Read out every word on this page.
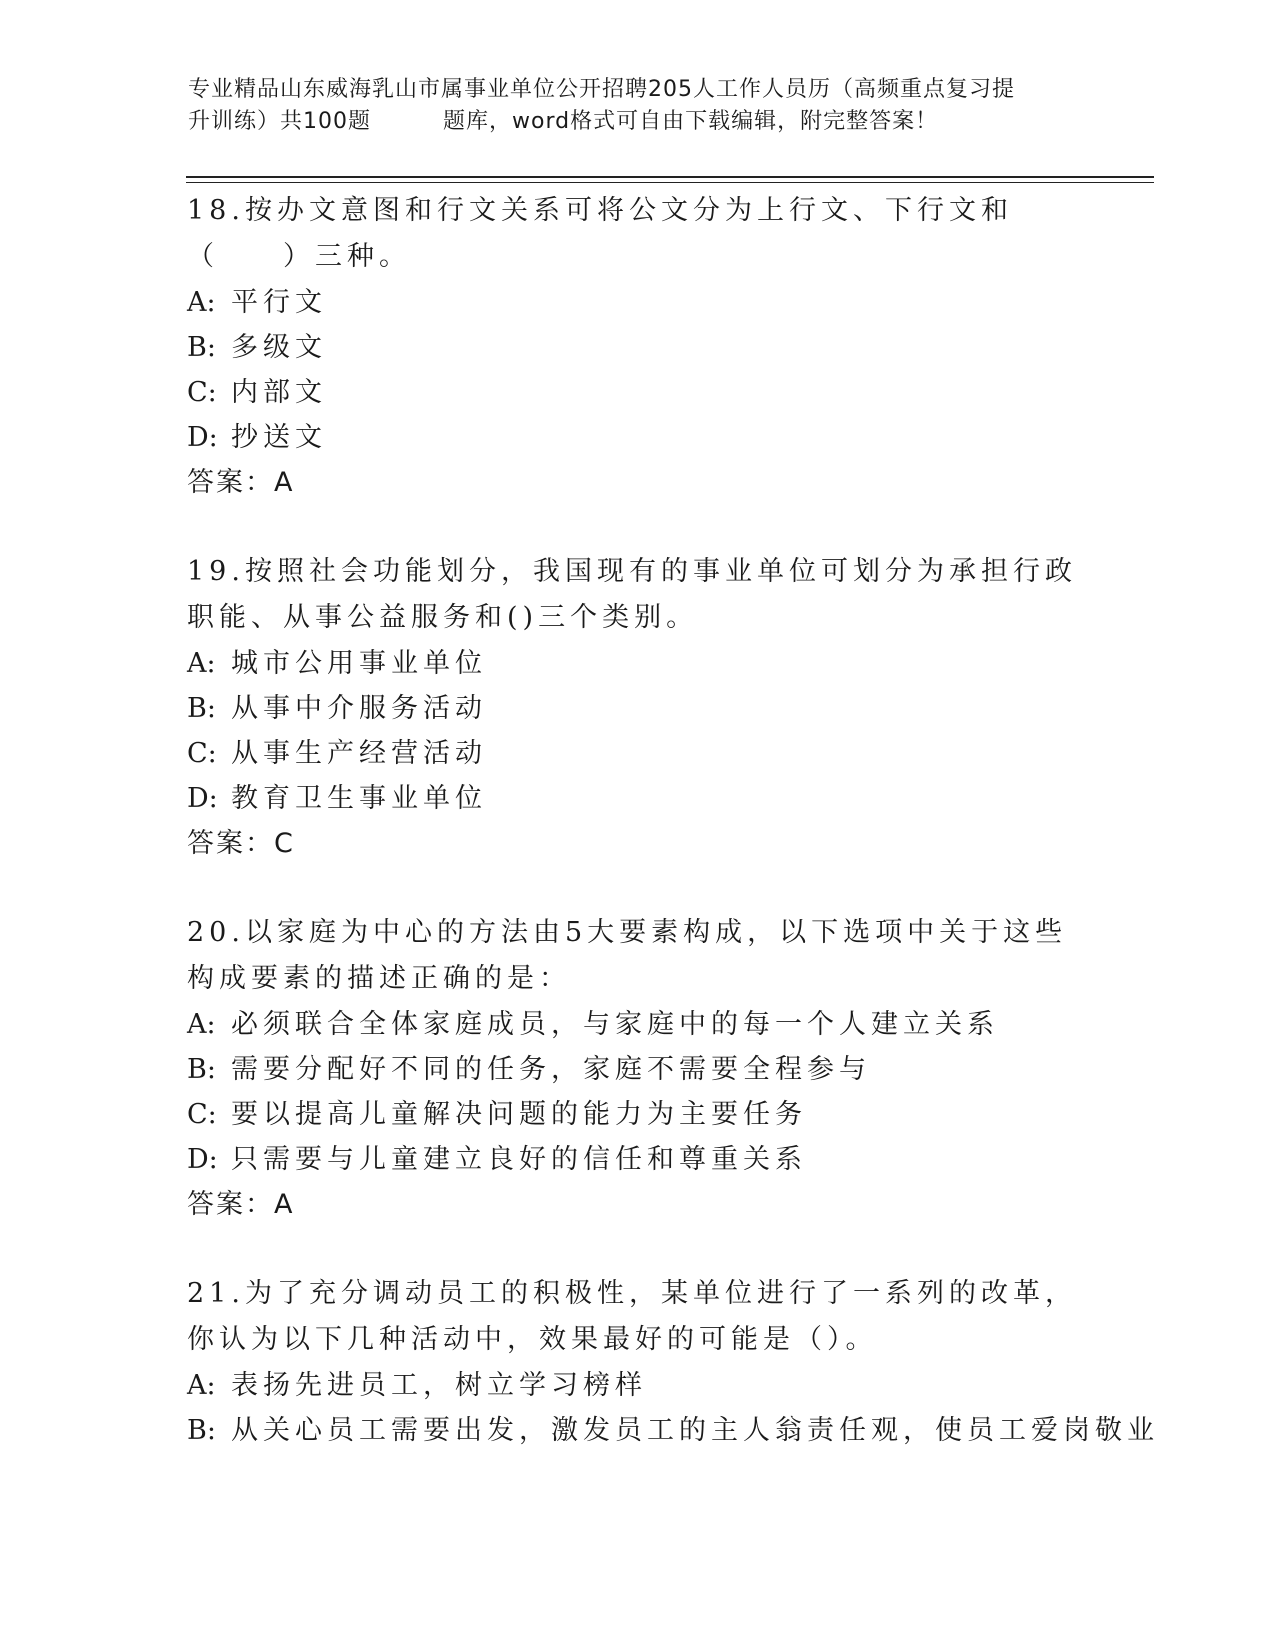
专业精品山东威海乳山市属事业单位公开招聘205人工作人员历（高频重点复习提
升训练）共100题	题库，word格式可自由下载编辑，附完整答案！

18.按办文意图和行文关系可将公文分为上行文、下行文和（　　）三种。

A: 平行文

B: 多级文

C: 内部文

D: 抄送文

答案：A

19.按照社会功能划分，我国现有的事业单位可划分为承担行政职能、从事公益服务和()三个类别。

A: 城市公用事业单位

B: 从事中介服务活动

C: 从事生产经营活动

D: 教育卫生事业单位

答案：C

20.以家庭为中心的方法由5大要素构成，以下选项中关于这些构成要素的描述正确的是：

A: 必须联合全体家庭成员，与家庭中的每一个人建立关系

B: 需要分配好不同的任务，家庭不需要全程参与

C: 要以提高儿童解决问题的能力为主要任务

D: 只需要与儿童建立良好的信任和尊重关系

答案：A

21.为了充分调动员工的积极性，某单位进行了一系列的改革，你认为以下几种活动中，效果最好的可能是（）。

A: 表扬先进员工，树立学习榜样

B: 从关心员工需要出发，激发员工的主人翁责任观，使员工爱岗敬业
